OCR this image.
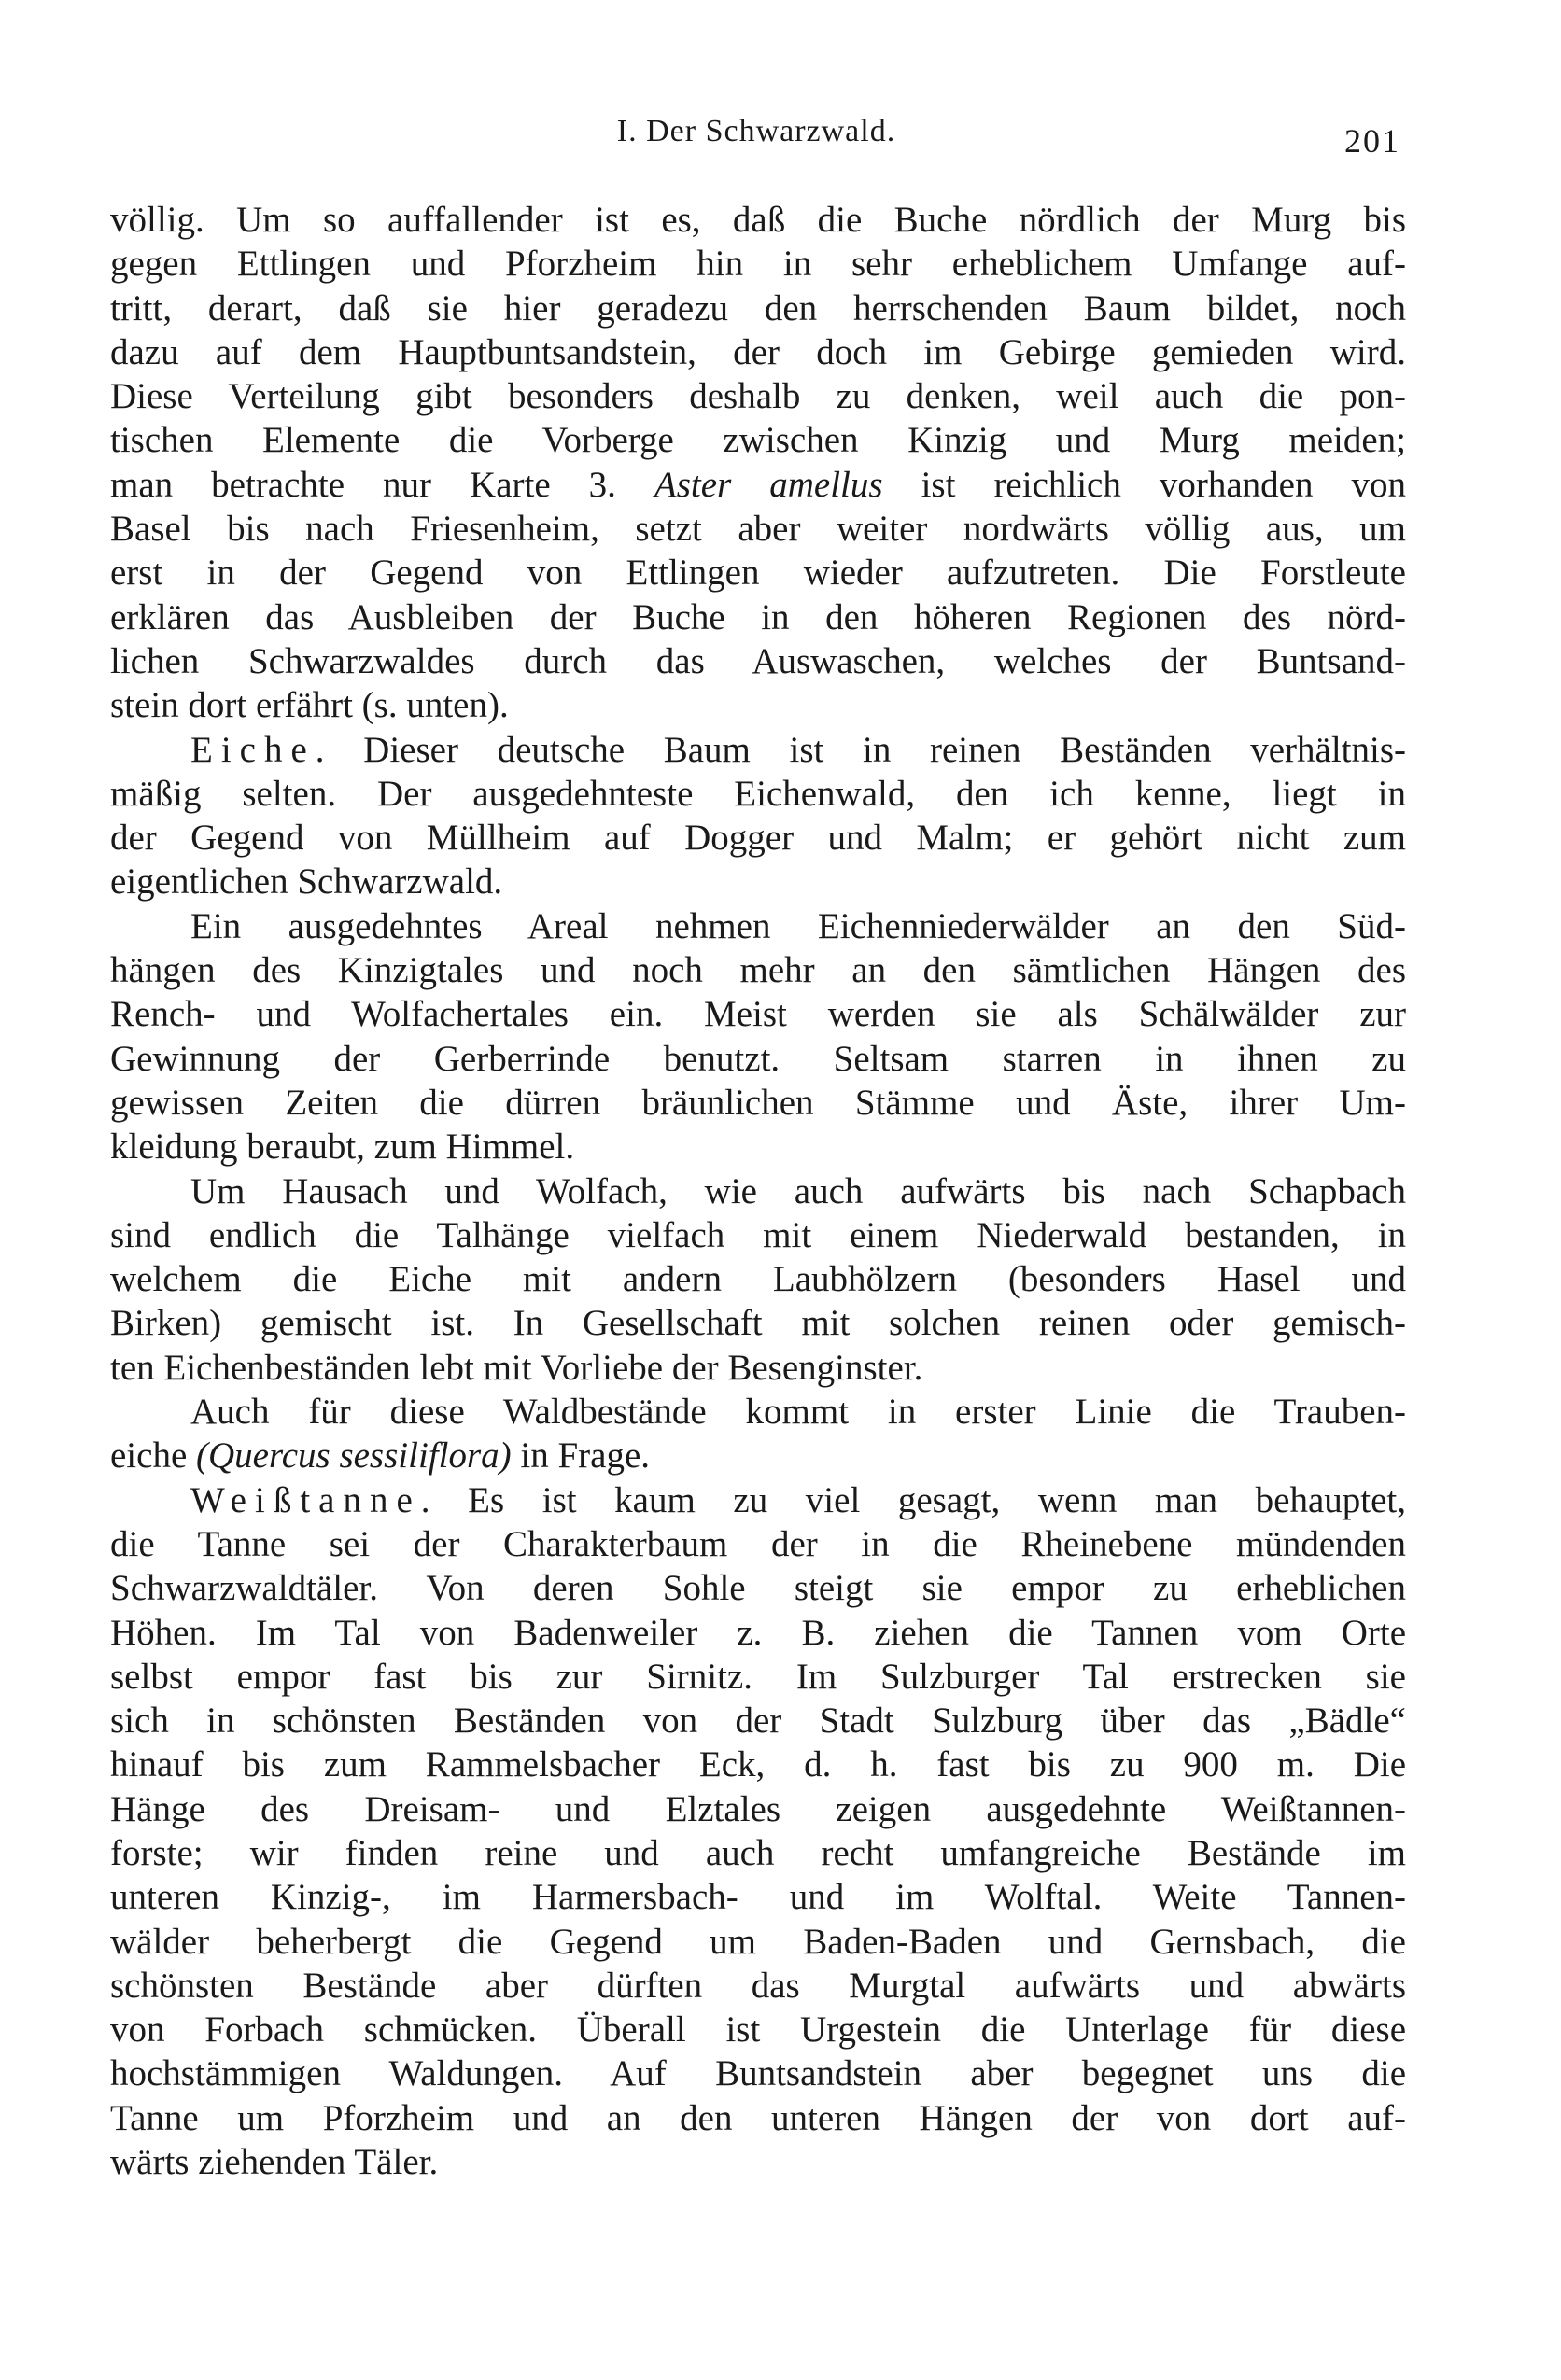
I. Der Schwarzwald.	201
völlig. Um so auffallender ist es, daß die Buche nördlich der Murg bis
gegen Ettlingen und Pforzheim hin in sehr erheblichem Umfange auf-
tritt, derart, daß sie hier geradezu den herrschenden Baum bildet, noch
dazu auf dem Hauptbuntsandstein, der doch im Gebirge gemieden wird.
Diese Verteilung gibt besonders deshalb zu denken, weil auch die pon-
tischen Elemente die Vorberge zwischen Kinzig und Murg meiden;
man betrachte nur Karte 3. Aster amellus ist reichlich vorhanden von
Basel bis nach Friesenheim, setzt aber weiter nordwärts völlig aus, um
erst in der Gegend von Ettlingen wieder aufzutreten. Die Forstleute
erklären das Ausbleiben der Buche in den höheren Regionen des nörd-
lichen Schwarzwaldes durch das Auswaschen, welches der Buntsand-
stein dort erfährt (s. unten).
Eiche. Dieser deutsche Baum ist in reinen Beständen verhältnis-
mäßig selten. Der ausgedehnteste Eichenwald, den ich kenne, liegt in
der Gegend von Müllheim auf Dogger und Malm; er gehört nicht zum
eigentlichen Schwarzwald.
Ein ausgedehntes Areal nehmen Eichenniederwälder an den Süd-
hängen des Kinzigtales und noch mehr an den sämtlichen Hängen des
Rench- und Wolfachertales ein. Meist werden sie als Schälwälder zur
Gewinnung der Gerberrinde benutzt. Seltsam starren in ihnen zu
gewissen Zeiten die dürren bräunlichen Stämme und Äste, ihrer Um-
kleidung beraubt, zum Himmel.
Um Hausach und Wolfach, wie auch aufwärts bis nach Schapbach
sind endlich die Talhänge vielfach mit einem Niederwald bestanden, in
welchem die Eiche mit andern Laubhölzern (besonders Hasel und
Birken) gemischt ist. In Gesellschaft mit solchen reinen oder gemisch-
ten Eichenbeständen lebt mit Vorliebe der Besenginster.
Auch für diese Waldbestände kommt in erster Linie die Trauben-
eiche (Quercus sessiliflora) in Frage.
Weißtanne. Es ist kaum zu viel gesagt, wenn man behauptet,
die Tanne sei der Charakterbaum der in die Rheinebene mündenden
Schwarzwaldtäler. Von deren Sohle steigt sie empor zu erheblichen
Höhen. Im Tal von Badenweiler z. B. ziehen die Tannen vom Orte
selbst empor fast bis zur Sirnitz. Im Sulzburger Tal erstrecken sie
sich in schönsten Beständen von der Stadt Sulzburg über das „Bädle“
hinauf bis zum Rammelsbacher Eck, d. h. fast bis zu 900 m. Die
Hänge des Dreisam- und Elztales zeigen ausgedehnte Weißtannen-
forste; wir finden reine und auch recht umfangreiche Bestände im
unteren Kinzig-, im Harmersbach- und im Wolftal. Weite Tannen-
wälder beherbergt die Gegend um Baden-Baden und Gernsbach, die
schönsten Bestände aber dürften das Murgtal aufwärts und abwärts
von Forbach schmücken. Überall ist Urgestein die Unterlage für diese
hochstämmigen Waldungen. Auf Buntsandstein aber begegnet uns die
Tanne um Pforzheim und an den unteren Hängen der von dort auf-
wärts ziehenden Täler.
